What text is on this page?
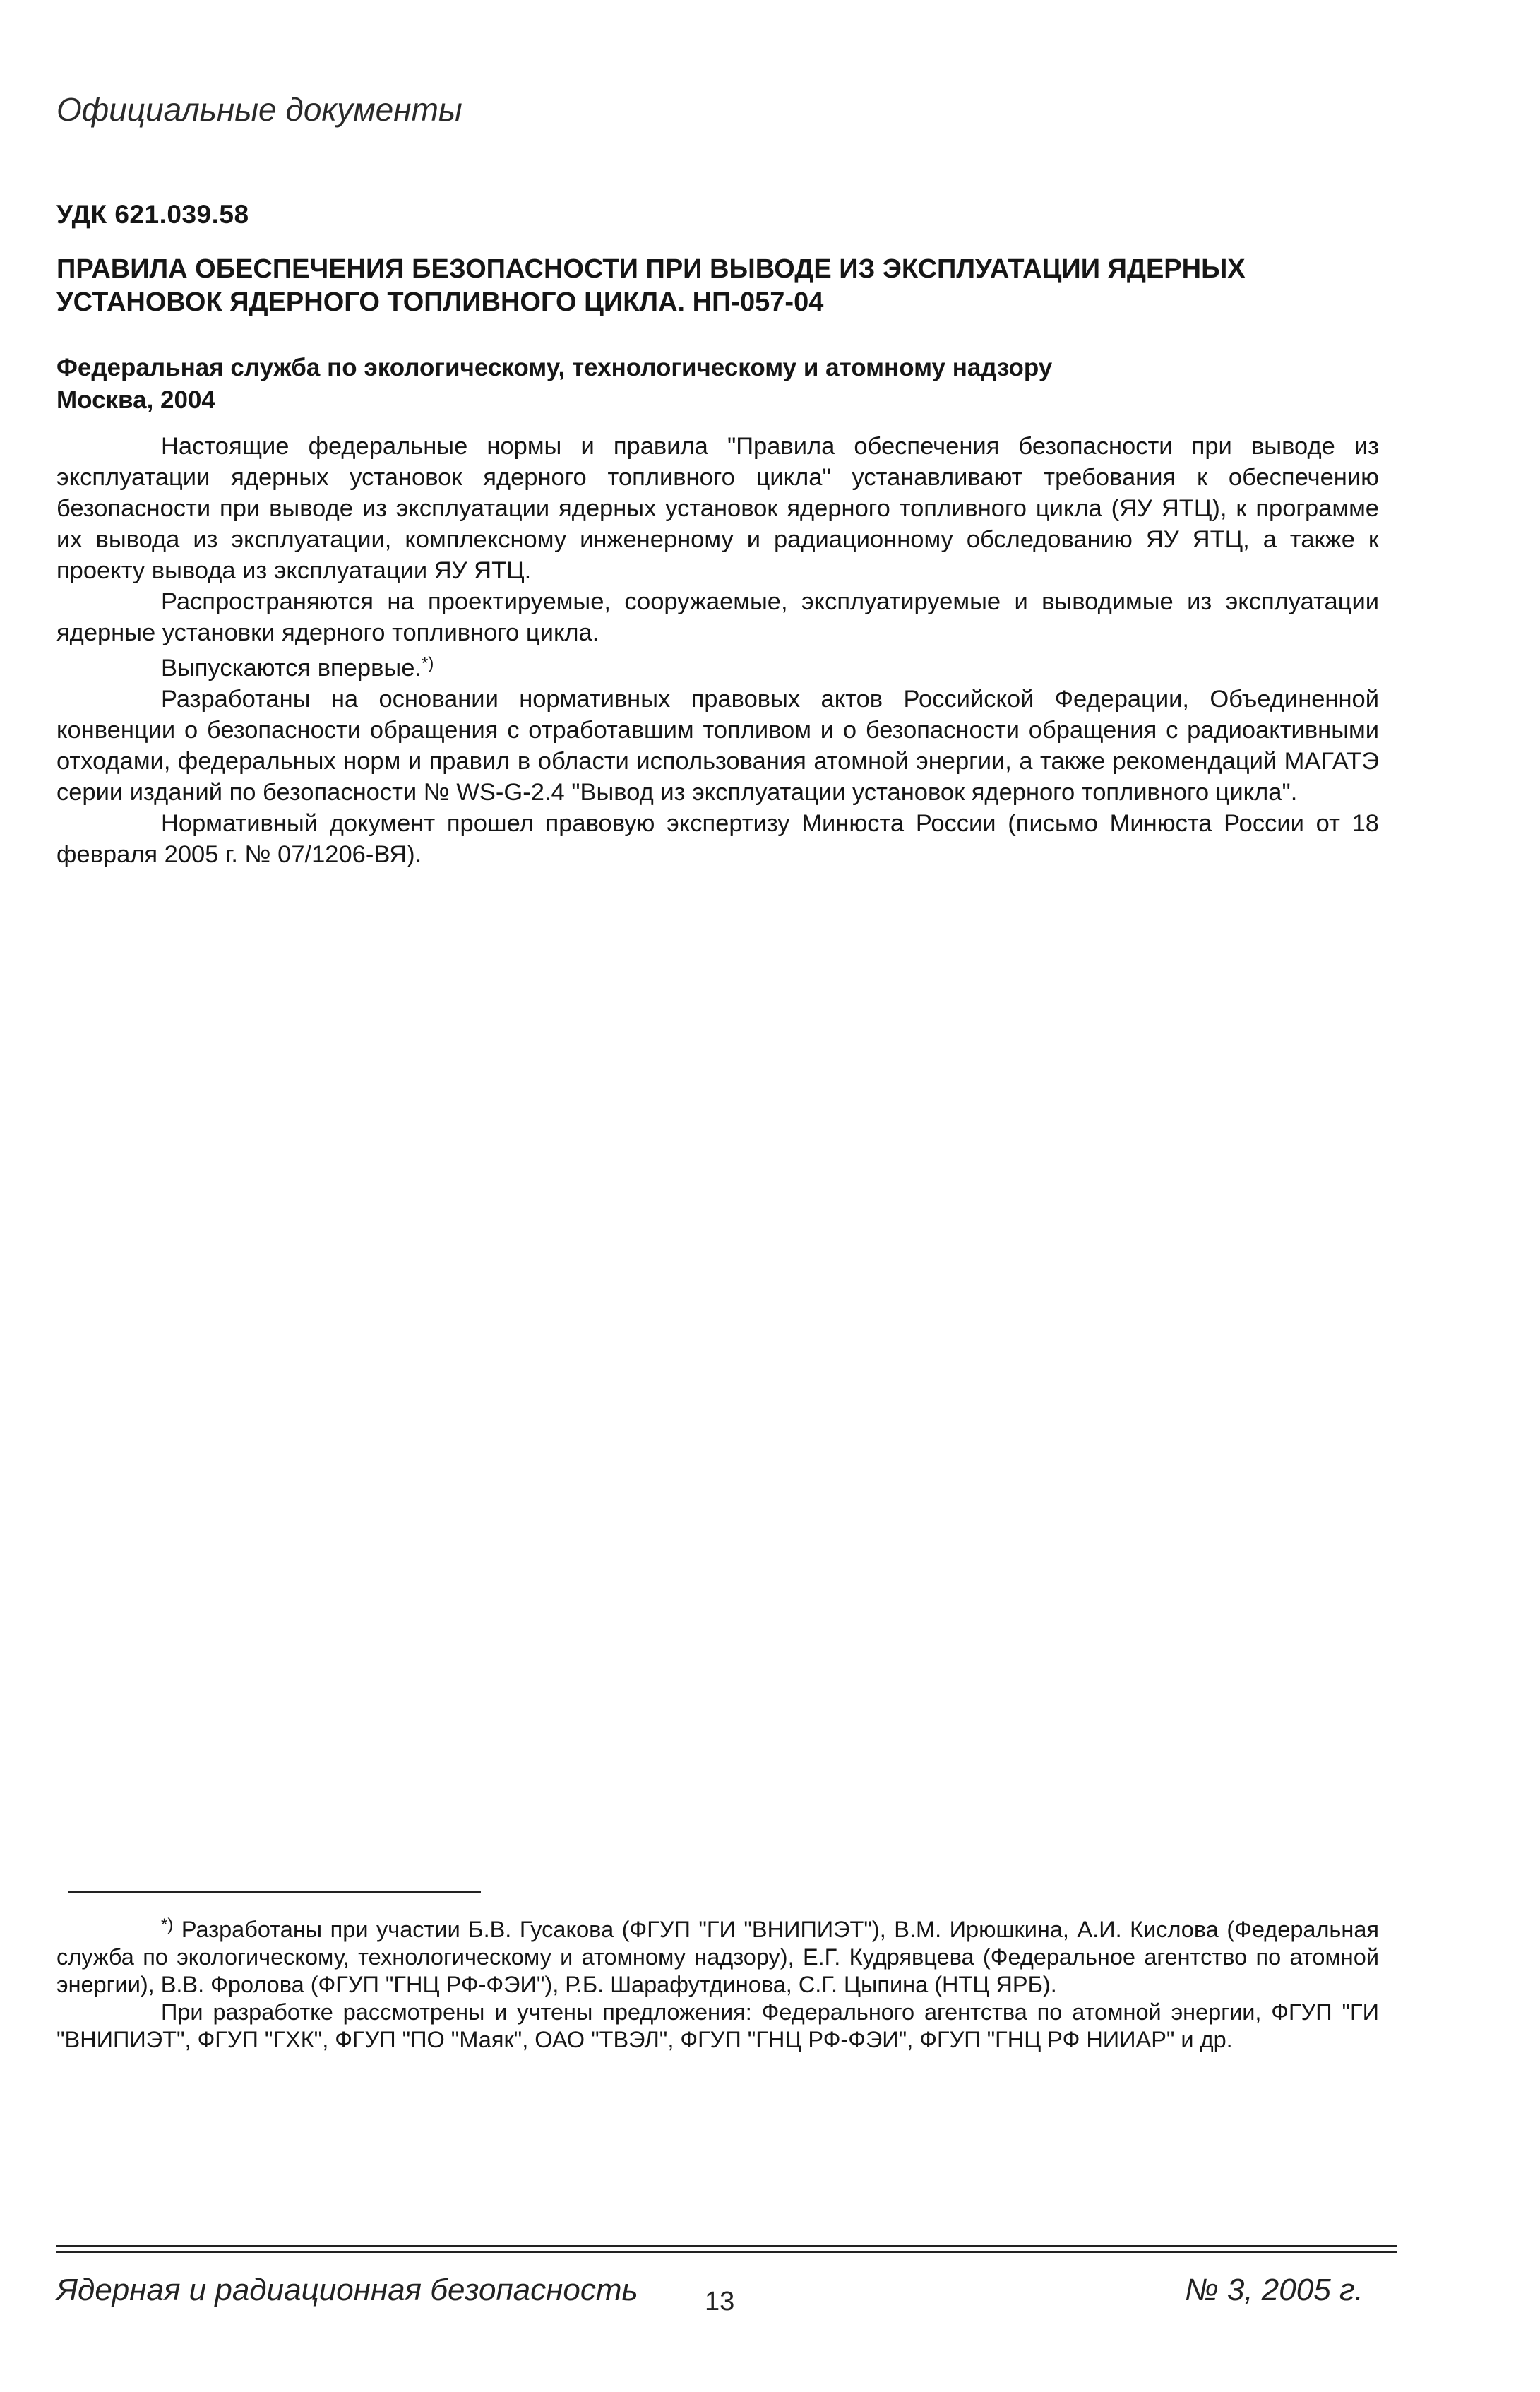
Официальные документы
УДК 621.039.58
ПРАВИЛА ОБЕСПЕЧЕНИЯ БЕЗОПАСНОСТИ ПРИ ВЫВОДЕ ИЗ ЭКСПЛУАТАЦИИ ЯДЕРНЫХ УСТАНОВОК ЯДЕРНОГО ТОПЛИВНОГО ЦИКЛА. НП-057-04
Федеральная служба по экологическому, технологическому и атомному надзору
Москва, 2004

Настоящие федеральные нормы и правила "Правила обеспечения безопасности при выводе из эксплуатации ядерных установок ядерного топливного цикла" устанавливают требования к обеспечению безопасности при выводе из эксплуатации ядерных установок ядерного топливного цикла (ЯУ ЯТЦ), к программе их вывода из эксплуатации, комплексному инженерному и радиационному обследованию ЯУ ЯТЦ, а также к проекту вывода из эксплуатации ЯУ ЯТЦ.

Распространяются на проектируемые, сооружаемые, эксплуатируемые и выводимые из эксплуатации ядерные установки ядерного топливного цикла.

Выпускаются впервые.*)

Разработаны на основании нормативных правовых актов Российской Федерации, Объединенной конвенции о безопасности обращения с отработавшим топливом и о безопасности обращения с радиоактивными отходами, федеральных норм и правил в области использования атомной энергии, а также рекомендаций МАГАТЭ серии изданий по безопасности № WS-G-2.4 "Вывод из эксплуатации установок ядерного топливного цикла".

Нормативный документ прошел правовую экспертизу Минюста России (письмо Минюста России от 18 февраля 2005 г. № 07/1206-ВЯ).

*) Разработаны при участии Б.В. Гусакова (ФГУП "ГИ "ВНИПИЭТ"), В.М. Ирюшкина, А.И. Кислова (Федеральная служба по экологическому, технологическому и атомному надзору), Е.Г. Кудрявцева (Федеральное агентство по атомной энергии), В.В. Фролова (ФГУП "ГНЦ РФ-ФЭИ"), Р.Б. Шарафутдинова, С.Г. Цыпина (НТЦ ЯРБ).

При разработке рассмотрены и учтены предложения: Федерального агентства по атомной энергии, ФГУП "ГИ "ВНИПИЭТ", ФГУП "ГХК", ФГУП "ПО "Маяк", ОАО "ТВЭЛ", ФГУП "ГНЦ РФ-ФЭИ", ФГУП "ГНЦ РФ НИИАР" и др.

Ядерная и радиационная безопасность 13	№ 3, 2005 г.
